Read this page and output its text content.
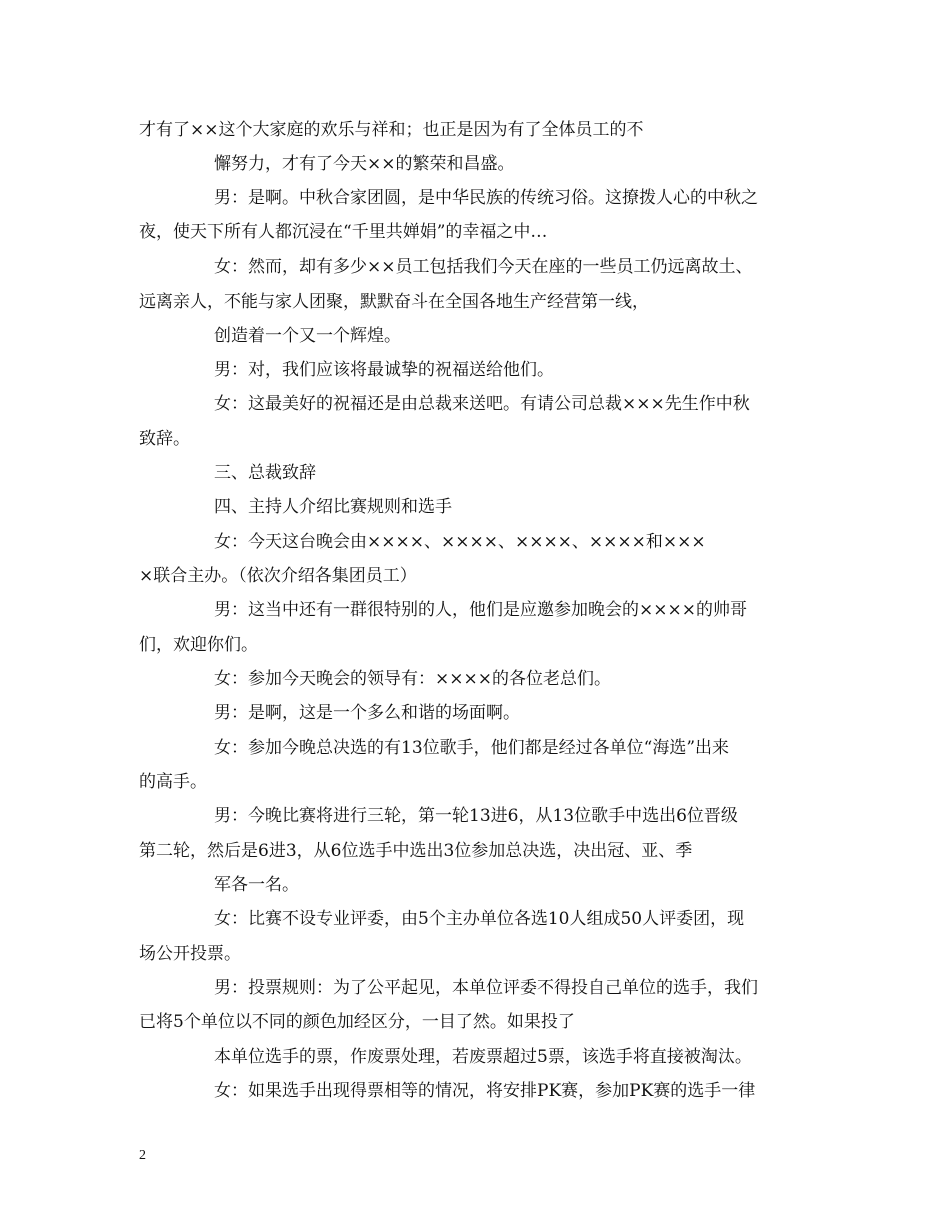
才有了××这个大家庭的欢乐与祥和；也正是因为有了全体员工的不
懈努力，才有了今天××的繁荣和昌盛。
男：是啊。中秋合家团圆，是中华民族的传统习俗。这撩拨人心的中秋之
夜，使天下所有人都沉浸在“千里共婵娟”的幸福之中…
女：然而，却有多少××员工包括我们今天在座的一些员工仍远离故土、
远离亲人，不能与家人团聚，默默奋斗在全国各地生产经营第一线，
创造着一个又一个辉煌。
男：对，我们应该将最诚挚的祝福送给他们。
女：这最美好的祝福还是由总裁来送吧。有请公司总裁×××先生作中秋
致辞。
三、总裁致辞
四、主持人介绍比赛规则和选手
女：今天这台晚会由××××、××××、××××、××××和×××
×联合主办。（依次介绍各集团员工）
男：这当中还有一群很特别的人，他们是应邀参加晚会的××××的帅哥
们，欢迎你们。
女：参加今天晚会的领导有：××××的各位老总们。
男：是啊，这是一个多么和谐的场面啊。
女：参加今晚总决选的有13位歌手，他们都是经过各单位“海选”出来
的高手。
男：今晚比赛将进行三轮，第一轮13进6，从13位歌手中选出6位晋级
第二轮，然后是6进3，从6位选手中选出3位参加总决选，决出冠、亚、季
军各一名。
女：比赛不设专业评委，由5个主办单位各选10人组成50人评委团，现
场公开投票。
男：投票规则：为了公平起见，本单位评委不得投自己单位的选手，我们
已将5个单位以不同的颜色加经区分，一目了然。如果投了
本单位选手的票，作废票处理，若废票超过5票，该选手将直接被淘汰。
女：如果选手出现得票相等的情况，将安排PK赛，参加PK赛的选手一律
2
